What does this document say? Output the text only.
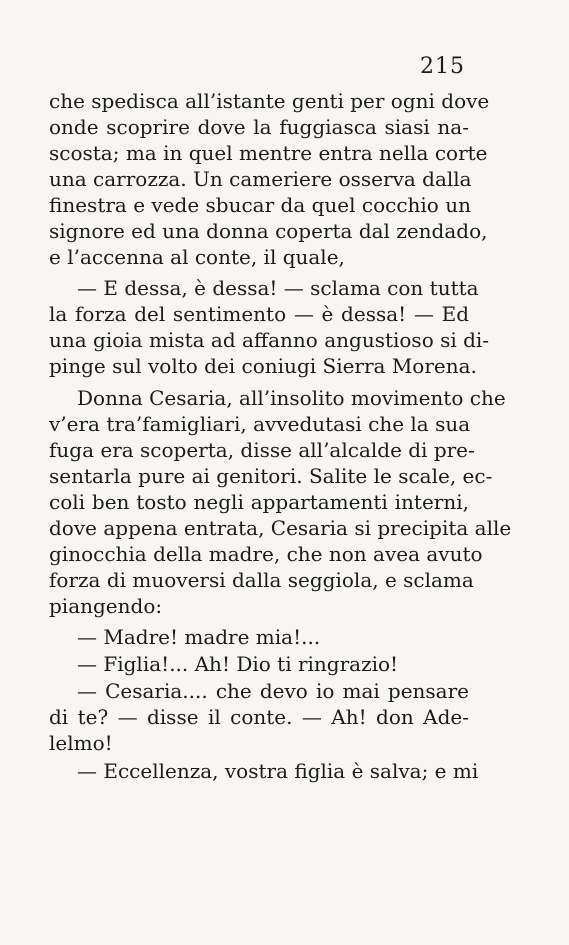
215
che spedisca all’istante genti per ogni dove
onde scoprire dove la fuggiasca siasi na-
scosta; ma in quel mentre entra nella corte
una carrozza. Un cameriere osserva dalla
finestra e vede sbucar da quel cocchio un
signore ed una donna coperta dal zendado,
e l’accenna al conte, il quale,
— E dessa, è dessa! — sclama con tutta
la forza del sentimento — è dessa! — Ed
una gioia mista ad affanno angustioso si di-
pinge sul volto dei coniugi Sierra Morena.
Donna Cesaria, all’insolito movimento che
v’era tra’famigliari, avvedutasi che la sua
fuga era scoperta, disse all’alcalde di pre-
sentarla pure ai genitori. Salite le scale, ec-
coli ben tosto negli appartamenti interni,
dove appena entrata, Cesaria si precipita alle
ginocchia della madre, che non avea avuto
forza di muoversi dalla seggiola, e sclama
piangendo:
— Madre! madre mia!...
— Figlia!... Ah! Dio ti ringrazio!
— Cesaria.... che devo io mai pensare
di te? — disse il conte. — Ah! don Ade-
lelmo!
— Eccellenza, vostra figlia è salva; e mi
